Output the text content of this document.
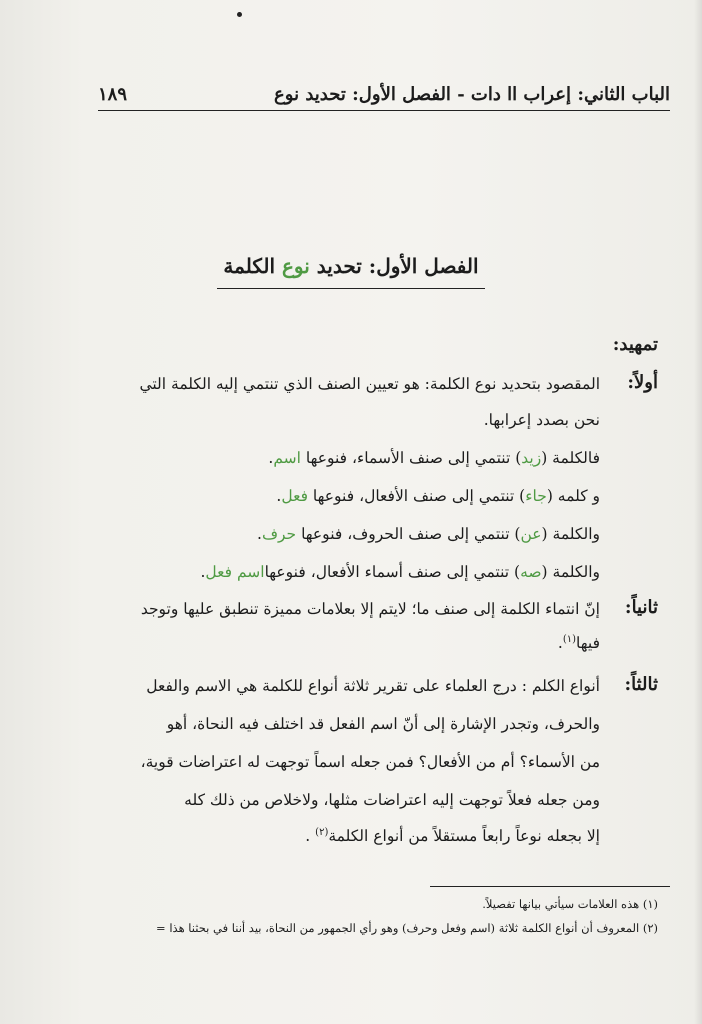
١٨٩	الباب الثاني: إعراب اا دات - الفصل الأول: تحديد نوع
الفصل الأول: تحديد نوع الكلمة
تمهيد:
أولاً:
المقصود بتحديد نوع الكلمة: هو تعيين الصنف الذي تنتمي إليه الكلمة التي
نحن بصدد إعرابها.
فالكلمة (زيد) تنتمي إلى صنف الأسماء، فنوعها اسم.
و كلمه (جاء) تنتمي إلى صنف الأفعال، فنوعها فعل.
والكلمة (عن) تنتمي إلى صنف الحروف، فنوعها حرف.
والكلمة (صه) تنتمي إلى صنف أسماء الأفعال، فنوعهااسم فعل.
ثانياً:
إنّ انتماء الكلمة إلى صنف ما؛ لايتم إلا بعلامات مميزة تنطبق عليها وتوجد
فيها$^{(١)}$.
ثالثاً:
أنواع الكلم : درج العلماء على تقرير ثلاثة أنواع للكلمة هي الاسم والفعل
والحرف، وتجدر الإشارة إلى أنّ اسم الفعل قد اختلف فيه النحاة، أهو
من الأسماء؟ أم من الأفعال؟ فمن جعله اسماً توجهت له اعتراضات قوية،
ومن جعله فعلاً توجهت إليه اعتراضات مثلها، ولاخلاص من ذلك كله
إلا بجعله نوعاً رابعاً مستقلاً من أنواع الكلمة$^{(٢)}$ .
(١) هذه العلامات سيأتي بيانها تفصيلاً.
(٢) المعروف أن أنواع الكلمة ثلاثة (اسم وفعل وحرف) وهو رأي الجمهور من النحاة، بيد أننا في بحثنا هذا =
